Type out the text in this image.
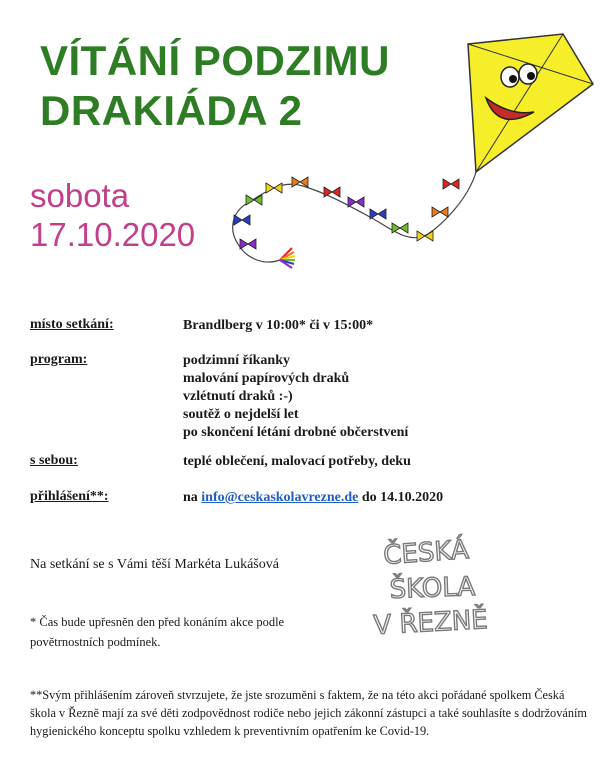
VÍTÁNÍ PODZIMU
DRAKIÁDA 2
sobota
17.10.2020
místo setkání:	Brandlberg v 10:00* či v 15:00*
program:	podzimní říkanky
malování papírových draků
vzlétnutí draků :-)
soutěž o nejdelší let
po skončení létání drobné občerstvení
s sebou:	teplé oblečení, malovací potřeby, deku
přihlášení**:	na info@ceskaskolavrezne.de do 14.10.2020
Na setkání se s Vámi těší Markéta Lukášová	ČESKÁ
ŠKOLA
V ŘEZNĚ
* Čas bude upřesněn den před konáním akce podle povětrnostních podmínek.
**Svým přihlášením zároveň stvrzujete, že jste srozuměni s faktem, že na této akci pořádané spolkem Česká škola v Řezně mají za své děti zodpovědnost rodiče nebo jejich zákonní zástupci a také souhlasíte s dodržováním hygienického konceptu spolku vzhledem k preventivním opatřením ke Covid-19.
